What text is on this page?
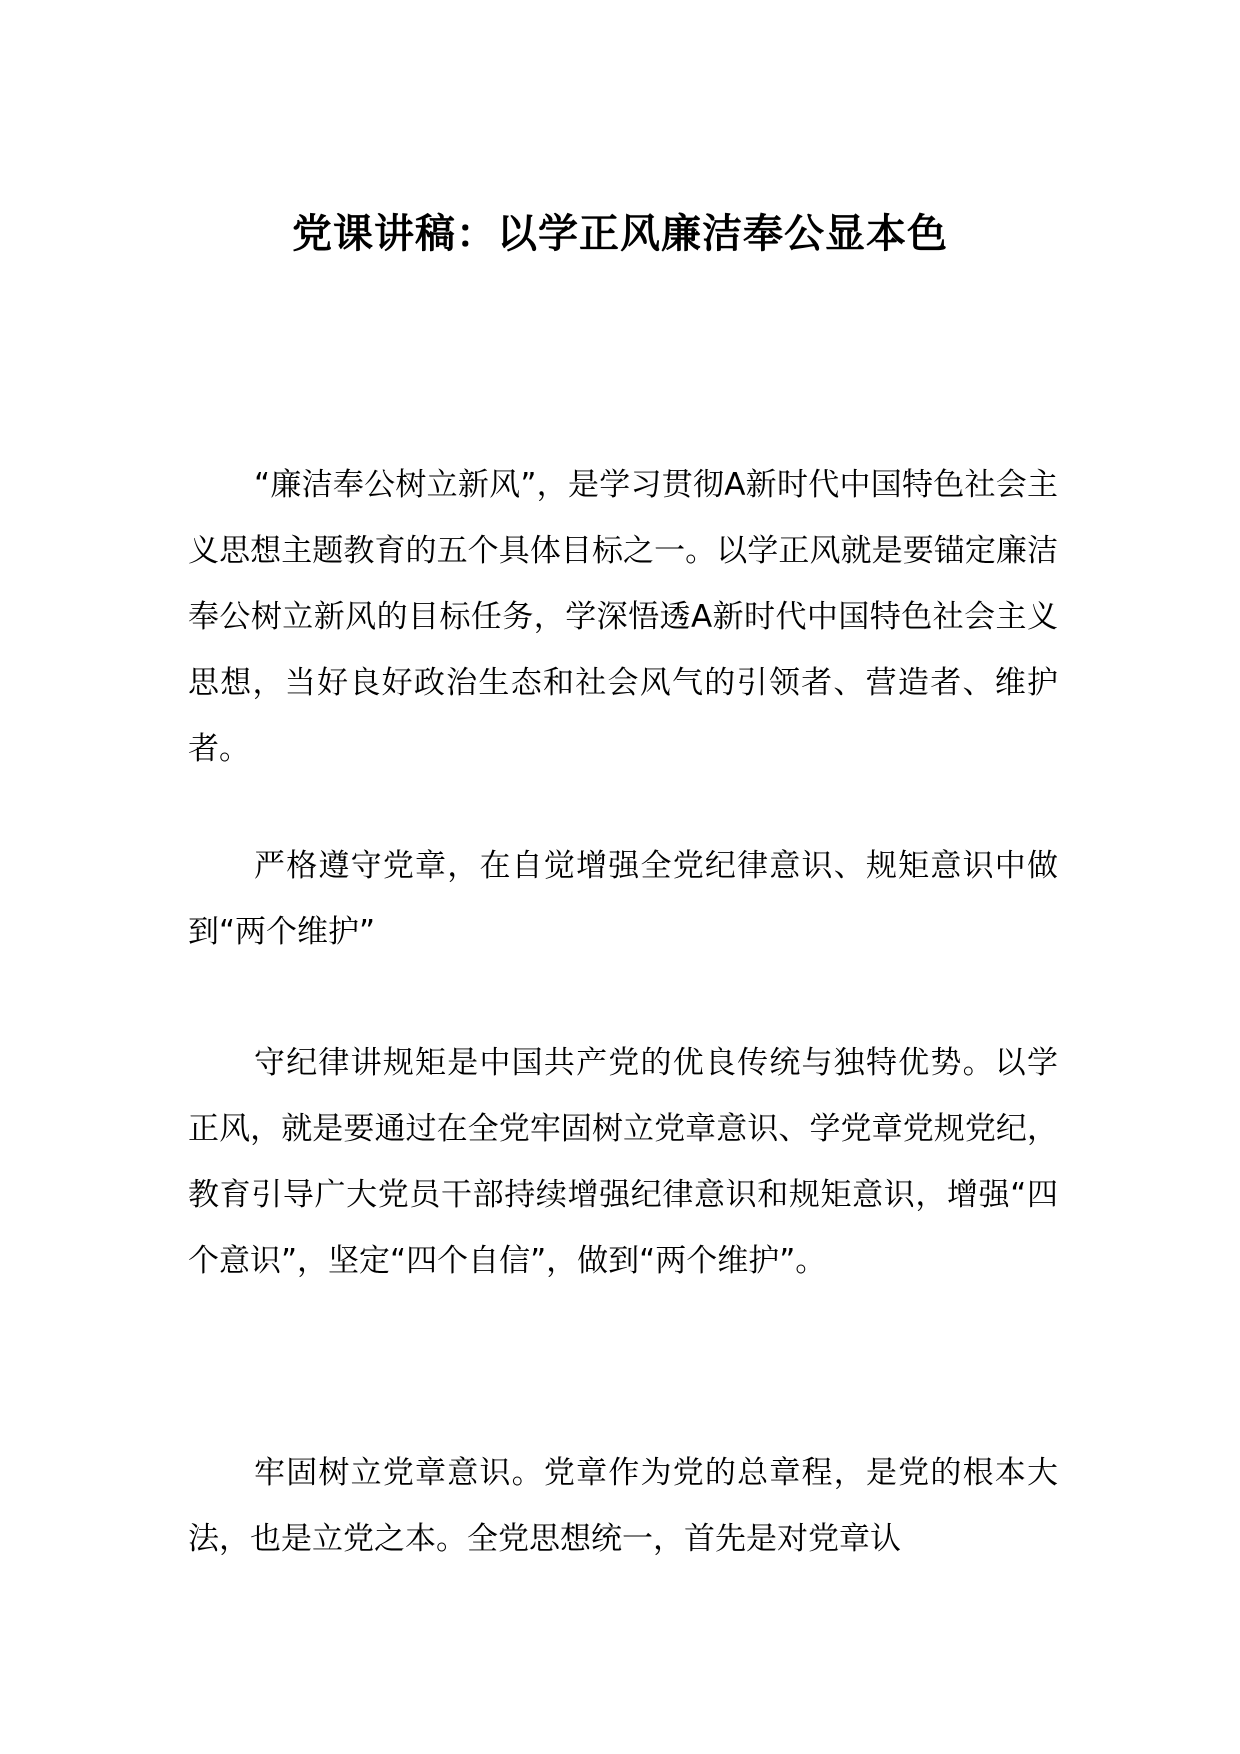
党课讲稿：以学正风廉洁奉公显本色

“廉洁奉公树立新风”，是学习贯彻A新时代中国特色社会主义思想主题教育的五个具体目标之一。以学正风就是要锚定廉洁奉公树立新风的目标任务，学深悟透A新时代中国特色社会主义思想，当好良好政治生态和社会风气的引领者、营造者、维护者。

严格遵守党章，在自觉增强全党纪律意识、规矩意识中做到“两个维护”

守纪律讲规矩是中国共产党的优良传统与独特优势。以学正风，就是要通过在全党牢固树立党章意识、学党章党规党纪，教育引导广大党员干部持续增强纪律意识和规矩意识，增强“四个意识”，坚定“四个自信”，做到“两个维护”。

牢固树立党章意识。党章作为党的总章程，是党的根本大法，也是立党之本。全党思想统一，首先是对党章认
